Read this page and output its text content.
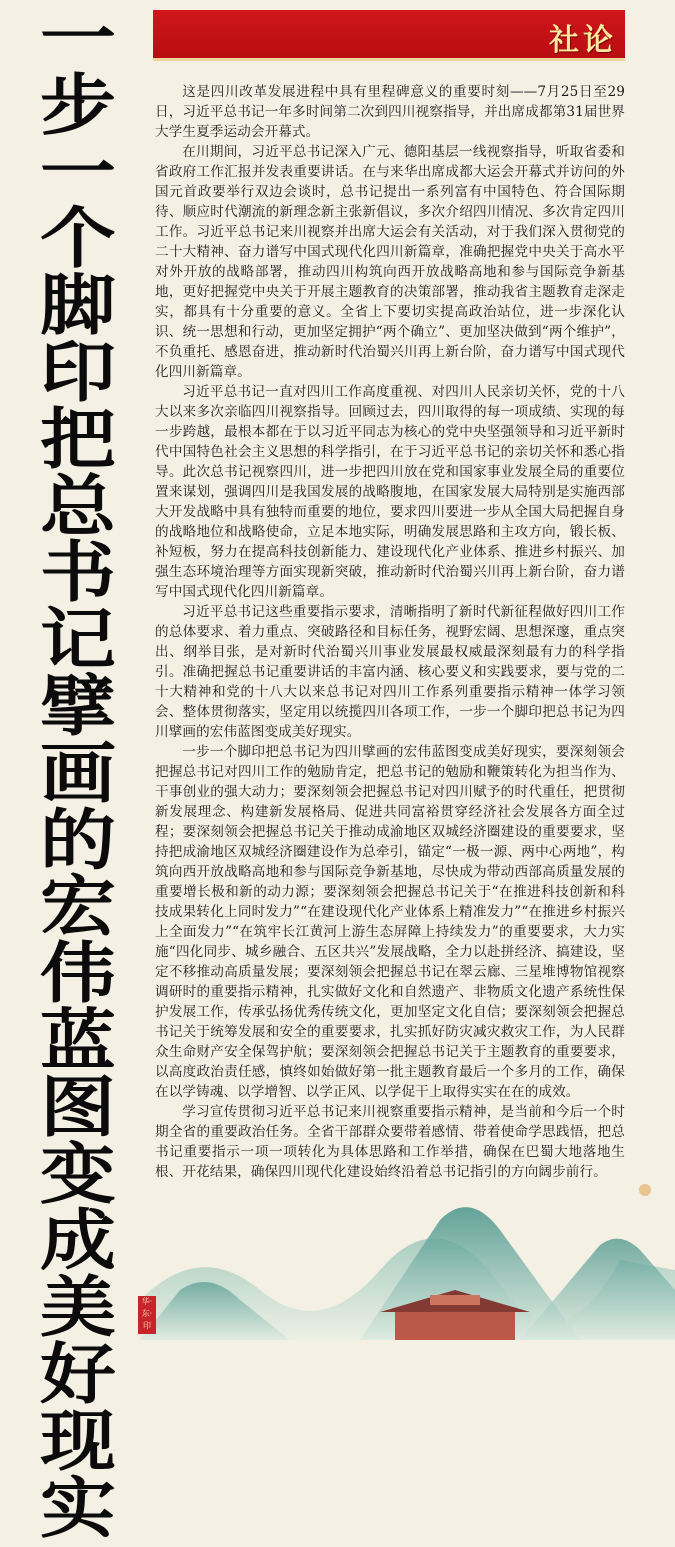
一步一个脚印把总书记擘画的宏伟蓝图变成美好现实
社论

这是四川改革发展进程中具有里程碑意义的重要时刻——7月25日至29日，习近平总书记一年多时间第二次到四川视察指导，并出席成都第31届世界大学生夏季运动会开幕式。

在川期间，习近平总书记深入广元、德阳基层一线视察指导，听取省委和省政府工作汇报并发表重要讲话。在与来华出席成都大运会开幕式并访问的外国元首政要举行双边会谈时，总书记提出一系列富有中国特色、符合国际期待、顺应时代潮流的新理念新主张新倡议，多次介绍四川情况、多次肯定四川工作。习近平总书记来川视察并出席大运会有关活动，对于我们深入贯彻党的二十大精神、奋力谱写中国式现代化四川新篇章，准确把握党中央关于高水平对外开放的战略部署，推动四川构筑向西开放战略高地和参与国际竞争新基地，更好把握党中央关于开展主题教育的决策部署，推动我省主题教育走深走实，都具有十分重要的意义。全省上下要切实提高政治站位，进一步深化认识、统一思想和行动，更加坚定拥护“两个确立”、更加坚决做到“两个维护”，不负重托、感恩奋进，推动新时代治蜀兴川再上新台阶，奋力谱写中国式现代化四川新篇章。

习近平总书记一直对四川工作高度重视、对四川人民亲切关怀，党的十八大以来多次亲临四川视察指导。回顾过去，四川取得的每一项成绩、实现的每一步跨越，最根本都在于以习近平同志为核心的党中央坚强领导和习近平新时代中国特色社会主义思想的科学指引，在于习近平总书记的亲切关怀和悉心指导。此次总书记视察四川，进一步把四川放在党和国家事业发展全局的重要位置来谋划，强调四川是我国发展的战略腹地，在国家发展大局特别是实施西部大开发战略中具有独特而重要的地位，要求四川要进一步从全国大局把握自身的战略地位和战略使命，立足本地实际，明确发展思路和主攻方向，锻长板、补短板，努力在提高科技创新能力、建设现代化产业体系、推进乡村振兴、加强生态环境治理等方面实现新突破，推动新时代治蜀兴川再上新台阶，奋力谱写中国式现代化四川新篇章。

习近平总书记这些重要指示要求，清晰指明了新时代新征程做好四川工作的总体要求、着力重点、突破路径和目标任务，视野宏阔、思想深邃，重点突出、纲举目张，是对新时代治蜀兴川事业发展最权威最深刻最有力的科学指引。准确把握总书记重要讲话的丰富内涵、核心要义和实践要求，要与党的二十大精神和党的十八大以来总书记对四川工作系列重要指示精神一体学习领会、整体贯彻落实，坚定用以统揽四川各项工作，一步一个脚印把总书记为四川擘画的宏伟蓝图变成美好现实。

一步一个脚印把总书记为四川擘画的宏伟蓝图变成美好现实，要深刻领会把握总书记对四川工作的勉励肯定，把总书记的勉励和鞭策转化为担当作为、干事创业的强大动力；要深刻领会把握总书记对四川赋予的时代重任，把贯彻新发展理念、构建新发展格局、促进共同富裕贯穿经济社会发展各方面全过程；要深刻领会把握总书记关于推动成渝地区双城经济圈建设的重要要求，坚持把成渝地区双城经济圈建设作为总牵引，锚定“一极一源、两中心两地”，构筑向西开放战略高地和参与国际竞争新基地，尽快成为带动西部高质量发展的重要增长极和新的动力源；要深刻领会把握总书记关于“在推进科技创新和科技成果转化上同时发力”“在建设现代化产业体系上精准发力”“在推进乡村振兴上全面发力”“在筑牢长江黄河上游生态屏障上持续发力”的重要要求，大力实施“四化同步、城乡融合、五区共兴”发展战略，全力以赴拼经济、搞建设，坚定不移推动高质量发展；要深刻领会把握总书记在翠云廊、三星堆博物馆视察调研时的重要指示精神，扎实做好文化和自然遗产、非物质文化遗产系统性保护发展工作，传承弘扬优秀传统文化，更加坚定文化自信；要深刻领会把握总书记关于统筹发展和安全的重要要求，扎实抓好防灾减灾救灾工作，为人民群众生命财产安全保驾护航；要深刻领会把握总书记关于主题教育的重要要求，以高度政治责任感，慎终如始做好第一批主题教育最后一个多月的工作，确保在以学铸魂、以学增智、以学正风、以学促干上取得实实在在的成效。

学习宣传贯彻习近平总书记来川视察重要指示精神，是当前和今后一个时期全省的重要政治任务。全省干部群众要带着感情、带着使命学思践悟，把总书记重要指示一项一项转化为具体思路和工作举措，确保在巴蜀大地落地生根、开花结果，确保四川现代化建设始终沿着总书记指引的方向阔步前行。

华·东·印
